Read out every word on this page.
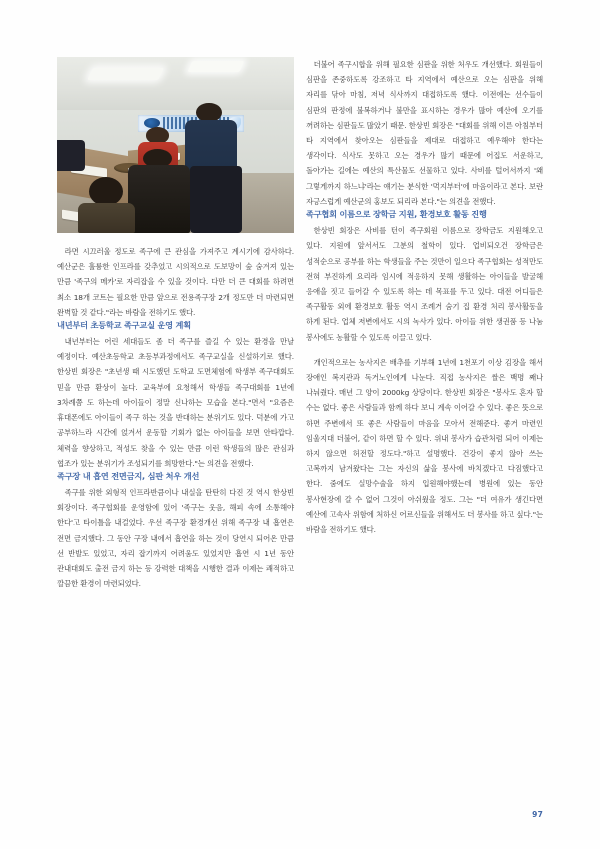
라면 시끄러울 정도로 족구에 큰 관심을 가져주고 계시기에 감사하다. 예산군은 훌륭한 인프라를 갖추었고 시의적으로 도보망이 숲 숨겨져 있는 만큼 '족구의 메카'로 자리잡을 수 있을 것이다. 다만 더 큰 대회를 하려면 최소 18개 코트는 필요한 만큼 앞으로 전용족구장 2개 정도만 더 마련되면 완벽할 것 같다."라는 바람을 전하기도 했다.

내년부터 초등학교 족구교실 운영 계획

내년부터는 어린 세대들도 좀 더 족구를 즐길 수 있는 환경을 만날 예정이다. 예산초등학교 초등부과정에서도 족구교실을 신설하기로 했다. 한상빈 회장은 "초년생 때 시도했던 도학교 도면체험에 학생부 족구대회도 믿을 만큼 환상이 높다. 교육부에 요청해서 학생들 족구대회를 1년에 3차례쯤 도 하는데 아이들이 정말 신나하는 모습을 본다."면서 "요즘은 휴대폰에도 아이들이 족구 하는 것을 반대하는 분위기도 있다. 덕분에 가고 공부하느라 시간에 얹겨서 운동할 기회가 없는 아이들을 보면 안타깝다. 체력을 향상하고, 적성도 찾을 수 있는 만큼 이런 학생들의 많은 관심과 협조가 있는 분위기가 조성되기를 희망한다."는 의견을 전했다.

족구장 내 흡연 전면금지, 심판 처우 개선

족구를 위한 외형적 인프라반큼이나 내실을 탄탄히 다진 것 역시 한상빈 회장이다. 족구협회를 운영함에 있어 '족구는 웃음, 해피 속에 소통해야 한다'고 타이틀을 내걸었다. 우선 족구장 환경개선 위해 족구장 내 흡연은 전면 금지했다. 그 동안 구장 내에서 흡연을 하는 것이 당연시 되어온 만큼 선 반발도 있었고, 자리 잡기까지 어려움도 있었지만 흡연 시 1년 동안 관내대회도 출전 금지 하는 등 강력한 대책을 시행한 결과 이제는 쾌적하고 깔끔한 환경이 마련되었다.

더불어 족구시합을 위해 필요한 심판을 위한 처우도 개선했다. 회원들이 심판을 존중하도록 강조하고 타 지역에서 예산으로 오는 심판을 위해 자리를 닦아 마침, 저녁 식사까지 대접하도록 했다. 이전에는 선수들이 심판의 판정에 불복하거나 불만을 표시하는 경우가 많아 예산에 오기를 꺼려하는 심판들도 많았기 때문. 한상빈 회장은 "대회를 위해 이른 아침부터 타 지역에서 찾아오는 심판들을 제대로 대접하고 예우해야 한다는 생각이다. 식사도 못하고 오는 경우가 많기 때문에 어집도 서운하고, 돌아가는 길에는 예산의 특산물도 선물하고 있다. 사비를 털어서까지 '왜 그렇게까지 하느냐'라는 얘기는 분식한 '먹지부터'에 마음이라고 본다. 보란 자긍스럽게 예산군의 홍보도 되리라 본다."는 의견을 전했다.

족구협회 이름으로 장학금 지원, 환경보호 활동 진행

한상빈 회장은 사비를 턴이 족구회원 이름으로 장학금도 지원해오고 있다. 지원에 앞서서도 그분의 철학이 있다. 업비되오건 장학금은 성적순으로 공부를 하는 학생들을 주는 것만이 일으다 족구협회는 성적만도 전혀 부진하게 요리라 임시에 적응하지 못해 생활하는 아이들을 발굴해 응애을 짓고 들어갈 수 있도록 하는 데 목표를 두고 있다. 대전 어디들은 족구활동 외에 환경보호 활동 역시 조례거 숨기 집 환경 처리 봉사활동을 하게 된다. 업체 저변에서도 시의 녹사가 있다. 아이들 위한 생권품 등 나눔 봉사에도 농활할 수 있도록 이끌고 있다.

개인적으로는 농사지은 배추를 기부해 1년에 1천포기 이상 김장을 해서 장애인 복지관과 독거노인에게 나눈다. 직접 농사지은 쌀은 백명 째나 나눠줬다. 매년 그 양이 2000kg 상당이다. 한상빈 회장은 "봉사도 혼자 할 수는 없다. 좋은 사람들과 함께 하다 보니 계속 이어갈 수 있다. 좋은 뜻으로 하면 주변에서 또 좋은 사람들이 마음을 모아서 전해준다. 좋거 마련인 임울지대 더불어, 같이 하면 할 수 있다. 위내 봉사가 습관처럼 되어 이제는 하지 않으면 허전할 정도다."하고 설명했다. 건강이 좋지 않아 쓰는 고복까지 남겨왔다는 그는 자신의 삶을 봉사에 바치겠다고 다짐했다고 한다. 줌에도 실망수술을 하지 입원해야했는데 병원에 있는 동안 봉사현장에 갈 수 없어 그것이 아쉬웠을 정도. 그는 "더 여유가 생긴다면 예산에 고속사 위함에 처하신 어르신들을 위해서도 더 봉사를 하고 싶다."는 바람을 전하기도 했다.

97
